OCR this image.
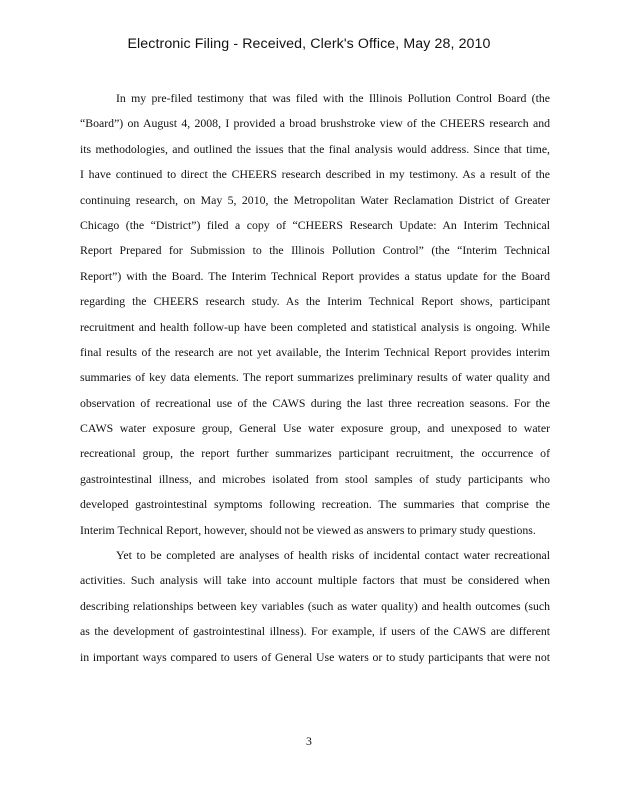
Electronic Filing - Received, Clerk's Office, May 28, 2010
In my pre-filed testimony that was filed with the Illinois Pollution Control Board (the
“Board”) on August 4, 2008, I provided a broad brushstroke view of the CHEERS research and
its methodologies, and outlined the issues that the final analysis would address. Since that time,
I have continued to direct the CHEERS research described in my testimony. As a result of the
continuing research, on May 5, 2010, the Metropolitan Water Reclamation District of Greater
Chicago (the “District”) filed a copy of “CHEERS Research Update: An Interim Technical
Report Prepared for Submission to the Illinois Pollution Control” (the “Interim Technical
Report”) with the Board. The Interim Technical Report provides a status update for the Board
regarding the CHEERS research study. As the Interim Technical Report shows, participant
recruitment and health follow-up have been completed and statistical analysis is ongoing. While
final results of the research are not yet available, the Interim Technical Report provides interim
summaries of key data elements. The report summarizes preliminary results of water quality and
observation of recreational use of the CAWS during the last three recreation seasons. For the
CAWS water exposure group, General Use water exposure group, and unexposed to water
recreational group, the report further summarizes participant recruitment, the occurrence of
gastrointestinal illness, and microbes isolated from stool samples of study participants who
developed gastrointestinal symptoms following recreation. The summaries that comprise the
Interim Technical Report, however, should not be viewed as answers to primary study questions.
Yet to be completed are analyses of health risks of incidental contact water recreational
activities. Such analysis will take into account multiple factors that must be considered when
describing relationships between key variables (such as water quality) and health outcomes (such
as the development of gastrointestinal illness). For example, if users of the CAWS are different
in important ways compared to users of General Use waters or to study participants that were not
3
